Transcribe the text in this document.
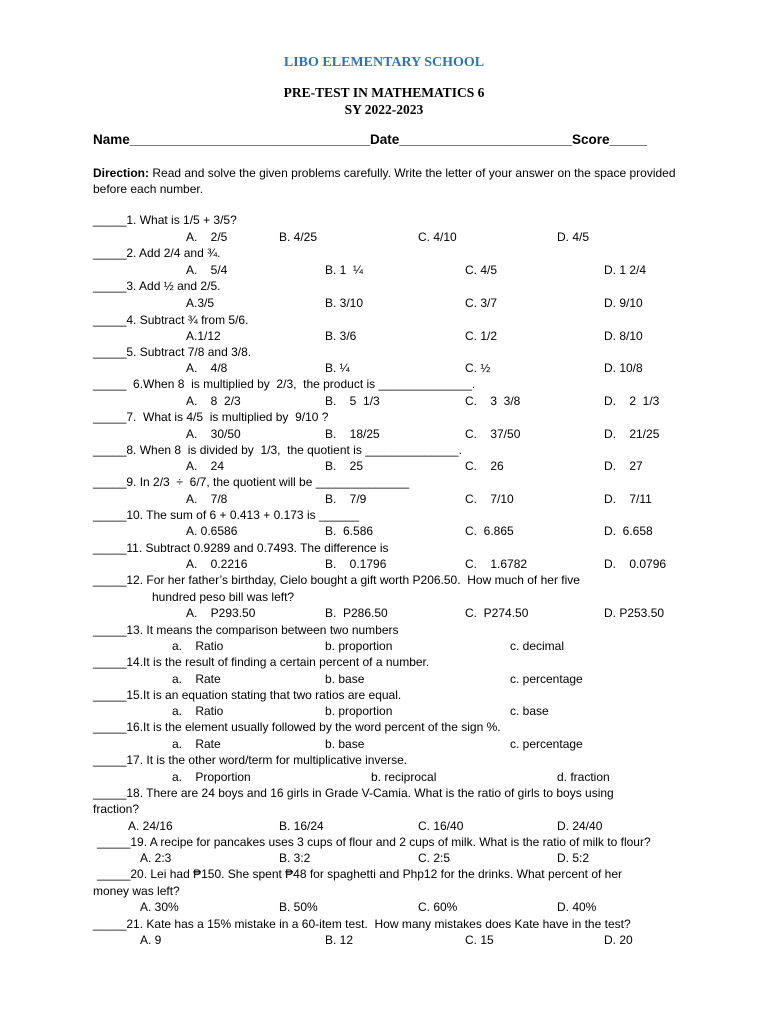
LIBO ELEMENTARY SCHOOL
PRE-TEST IN MATHEMATICS 6
SY 2022-2023
Name________________________________Date_______________________Score_____
Direction: Read and solve the given problems carefully. Write the letter of your answer on the space provided before each number.
_____1. What is 1/5 + 3/5?
A.    2/5	B. 4/25	C. 4/10	D. 4/5
_____2. Add 2/4 and ¾.
A.    5/4	B. 1  ¼	C. 4/5	D. 1 2/4
_____3. Add ½ and 2/5.
A.3/5	B. 3/10	C. 3/7	D. 9/10
_____4. Subtract ¾ from 5/6.
A.1/12	B. 3/6	C. 1/2	D. 8/10
_____5. Subtract 7/8 and 3/8.
A.    4/8	B. ¼	C. ½	D. 10/8
_____  6.When 8  is multiplied by  2/3,  the product is ______________.
A.    8  2/3	B.    5  1/3	C.    3  3/8	D.    2  1/3
_____7.  What is 4/5  is multiplied by  9/10 ?
A.    30/50	B.    18/25	C.    37/50	D.    21/25
_____8. When 8  is divided by  1/3,  the quotient is ______________.
A.    24	B.    25	C.    26	D.    27
_____9. In 2/3  ÷  6/7, the quotient will be ______________
A.    7/8	B.    7/9	C.    7/10	D.    7/11
_____10. The sum of 6 + 0.413 + 0.173 is ______
A. 0.6586	B.  6.586	C.  6.865	D.  6.658
_____11. Subtract 0.9289 and 0.7493. The difference is
A.    0.2216	B.    0.1796	C.    1.6782	D.    0.0796
_____12. For her father’s birthday, Cielo bought a gift worth P206.50.  How much of her five
hundred peso bill was left?
A.    P293.50	B.  P286.50	C.  P274.50	D. P253.50
_____13. It means the comparison between two numbers
a.    Ratio	b. proportion	c. decimal
_____14.It is the result of finding a certain percent of a number.
a.    Rate	b. base	c. percentage
_____15.It is an equation stating that two ratios are equal.
a.    Ratio	b. proportion	c. base
_____16.It is the element usually followed by the word percent of the sign %.
a.    Rate	b. base	c. percentage
_____17. It is the other word/term for multiplicative inverse.
a.    Proportion	b. reciprocal	d. fraction
_____18. There are 24 boys and 16 girls in Grade V-Camia. What is the ratio of girls to boys using
fraction?
A. 24/16	B. 16/24	C. 16/40	D. 24/40
_____19. A recipe for pancakes uses 3 cups of flour and 2 cups of milk. What is the ratio of milk to flour?
A. 2:3	B. 3:2	C. 2:5	D. 5:2
_____20. Lei had ₱150. She spent ₱48 for spaghetti and Php12 for the drinks. What percent of her
money was left?
A. 30%	B. 50%	C. 60%	D. 40%
_____21. Kate has a 15% mistake in a 60-item test.  How many mistakes does Kate have in the test?
A. 9	B. 12	C. 15	D. 20
